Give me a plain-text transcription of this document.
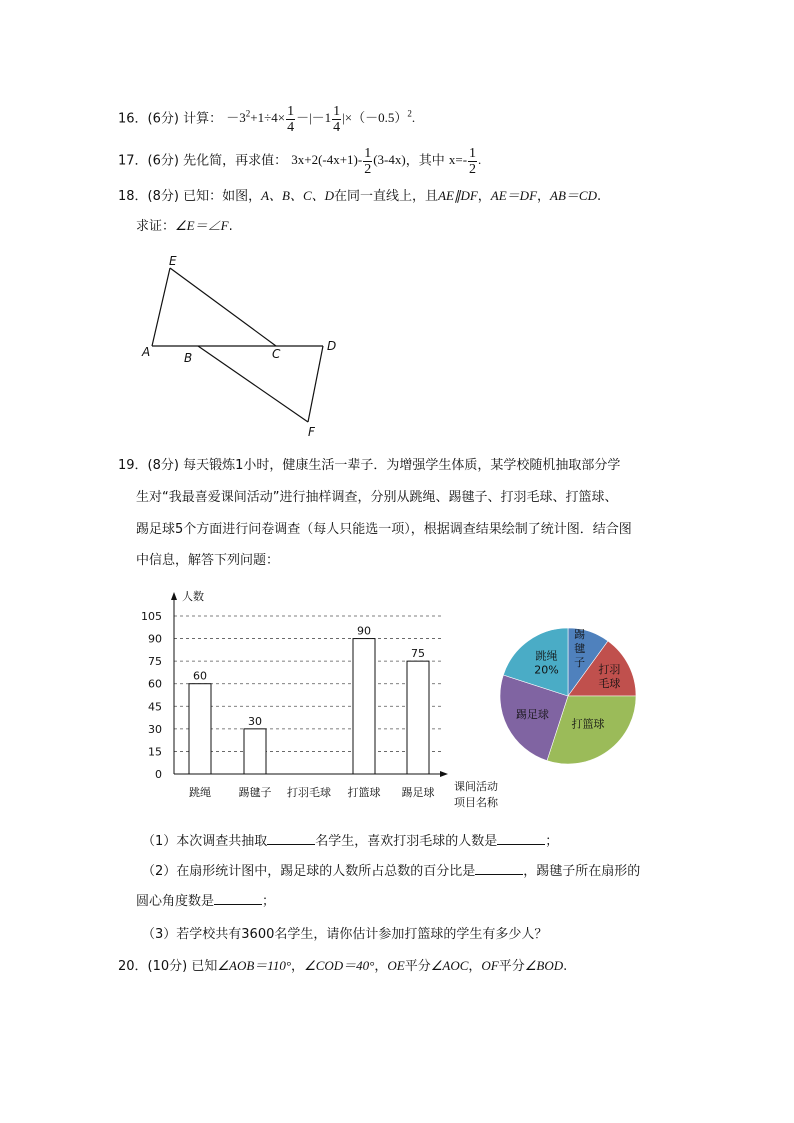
16．(6分) 计算： $-3^2+1\div 4\times \frac{1}{4} -|-1 \frac{1}{4} |\times(-0.5)^2$.
17．(6分) 先化简，再求值： $3x+2(-4x+1)- \frac{1}{2} (3-4x)$，其中 $x=- \frac{1}{2}$ .
18．(8分) 已知：如图，A、B、C、D在同一直线上，且AE∥DF，AE＝DF，AB＝CD.
求证：∠E＝∠F.
E
A	B	C
D
F
19．(8分) 每天锻炼1小时，健康生活一辈子．为增强学生体质，某学校随机抽取部分学
生对“我最喜爱课间活动”进行抽样调查，分别从跳绳、踢毽子、打羽毛球、打篮球、
踢足球5个方面进行问卷调查（每人只能选一项），根据调查结果绘制了统计图．结合图
中信息，解答下列问题：
0
15
30
45
60
75
90
105
人数
课间活动
项目名称
跳绳
60
踢毽子
30
打羽毛球 打篮球
90
踢足球
75	跳绳
20%
踢
毽
子
打羽
毛球
打篮球
踢足球
（1）本次调查共抽取	名学生，喜欢打羽毛球的人数是	；
（2）在扇形统计图中，踢足球的人数所占总数的百分比是	，踢毽子所在扇形的
圆心角度数是	；
（3）若学校共有3600名学生，请你估计参加打篮球的学生有多少人？
20．(10分) 已知∠AOB＝110°，∠COD＝40°，OE平分∠AOC，OF平分∠BOD.
